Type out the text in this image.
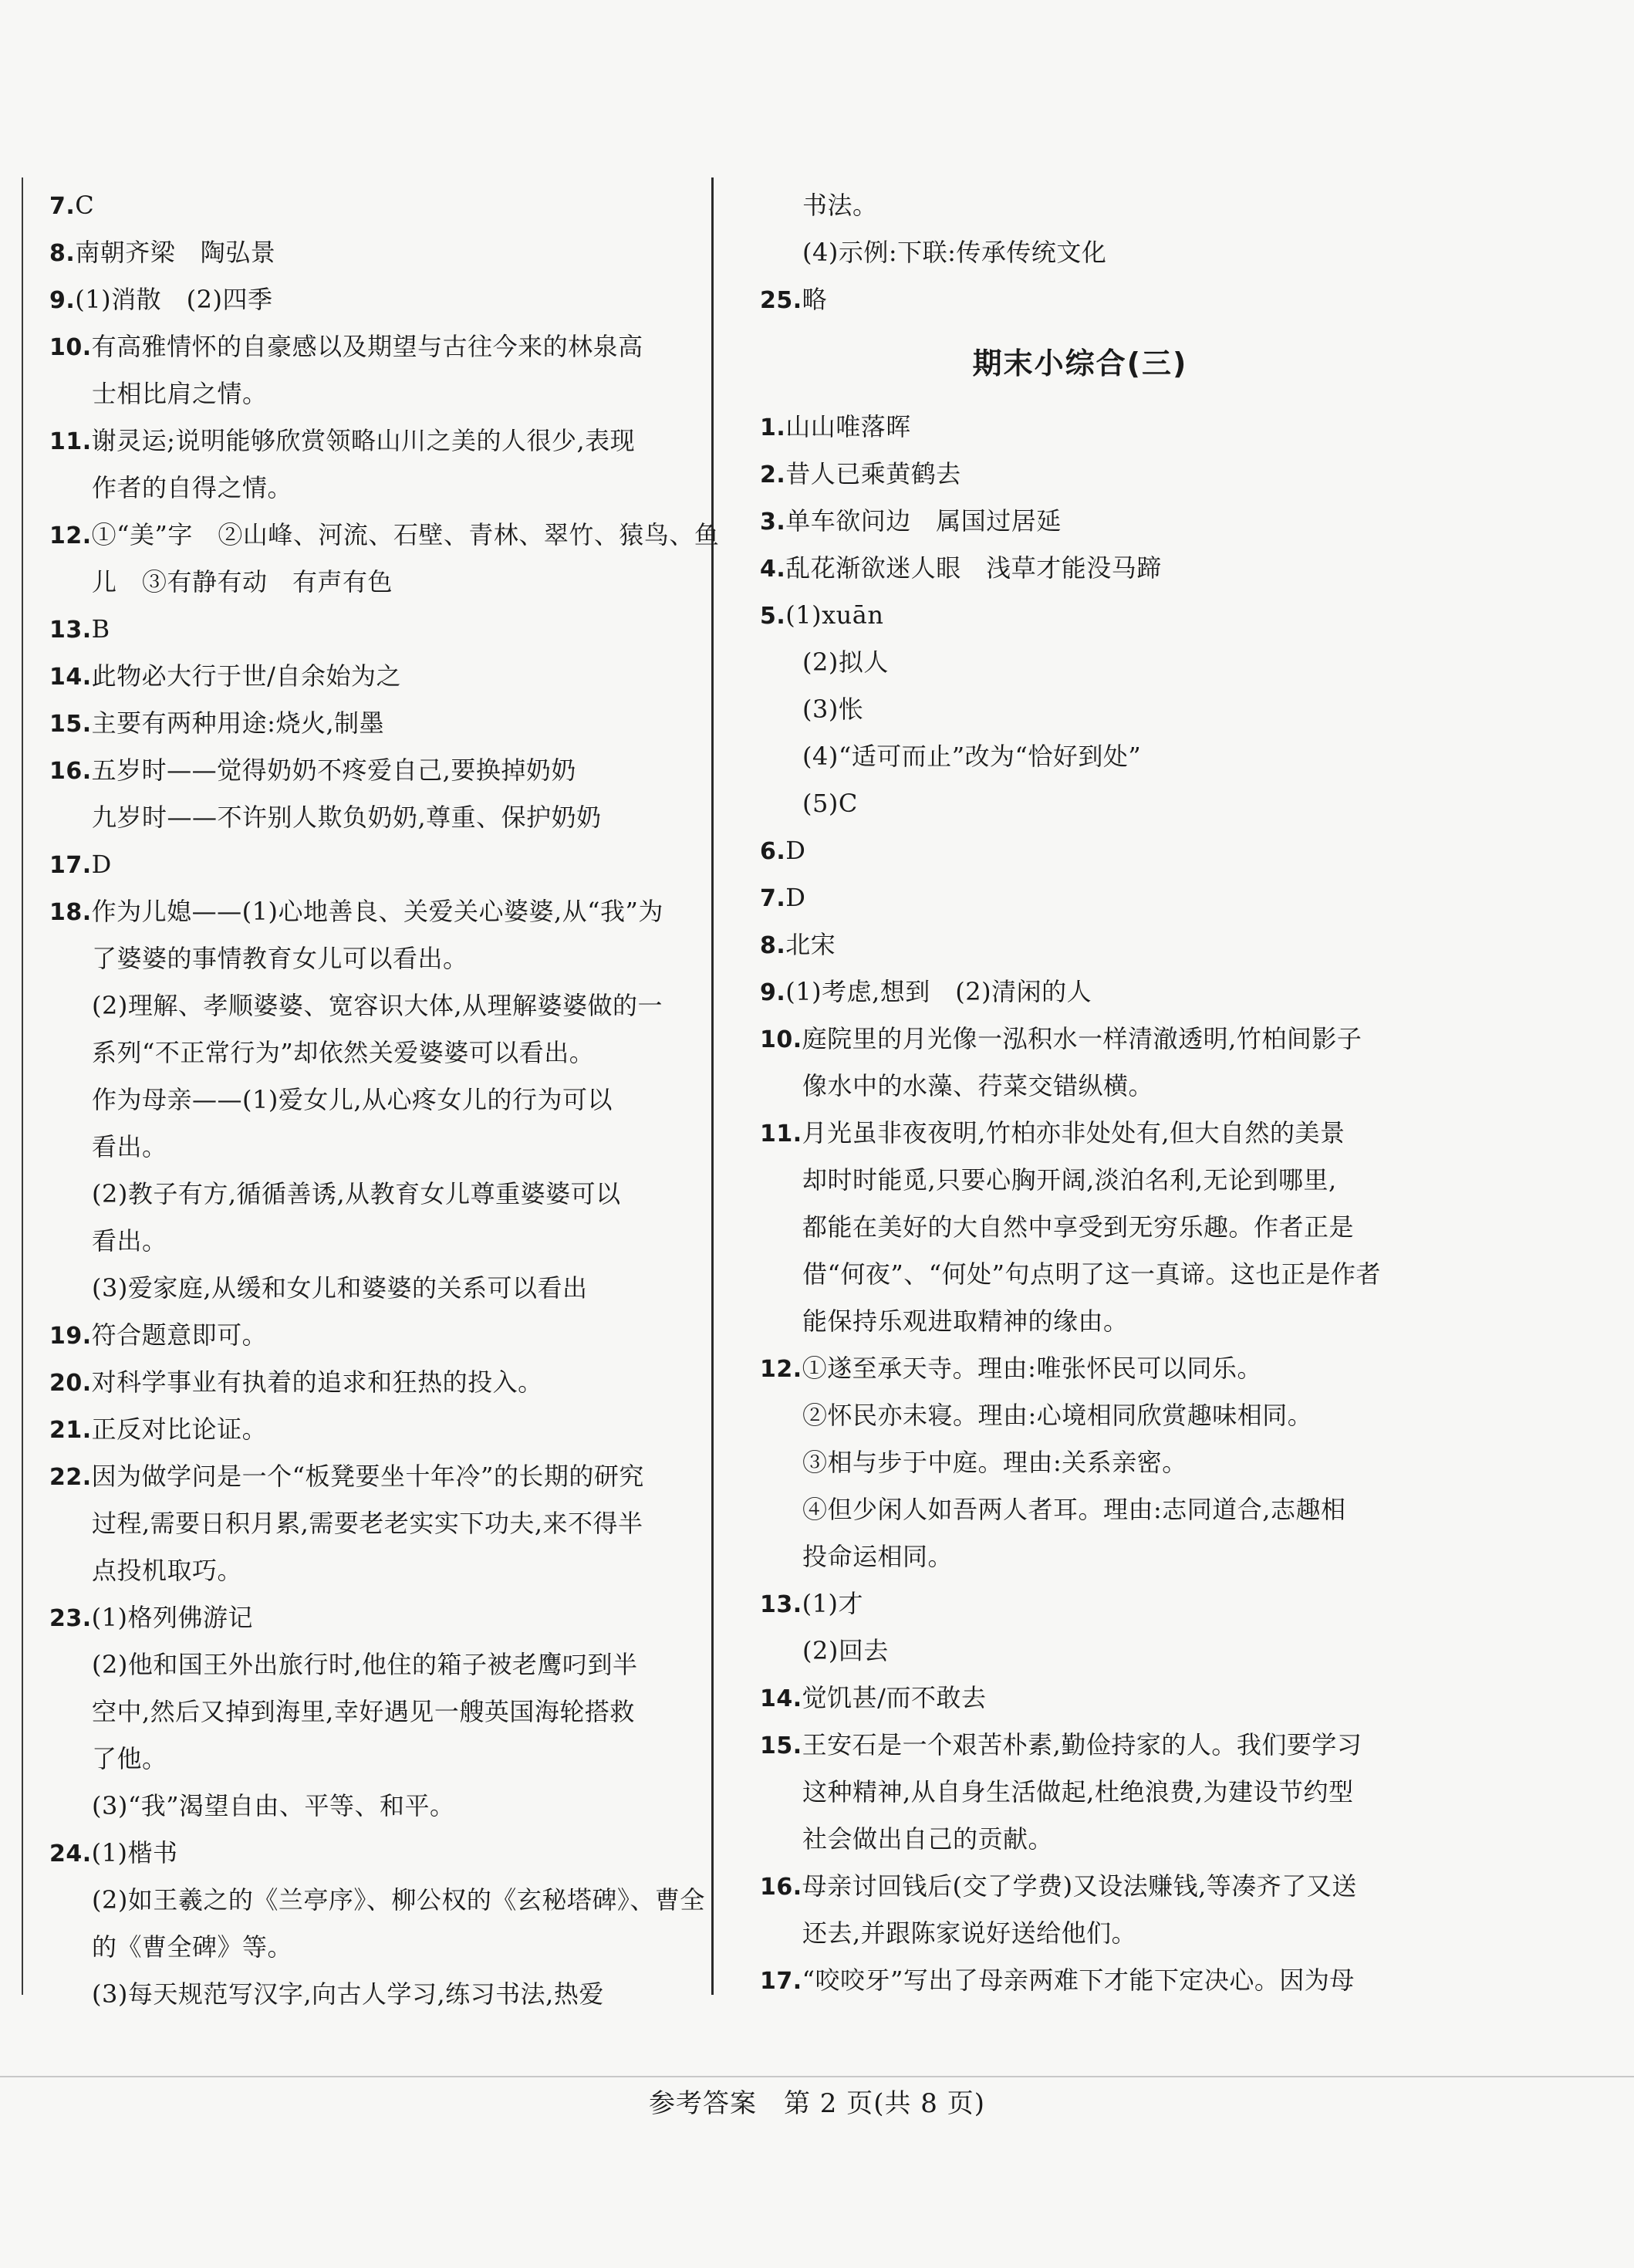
7.C
8.南朝齐梁　陶弘景
9.(1)消散　(2)四季
10.有高雅情怀的自豪感以及期望与古往今来的林泉高
士相比肩之情。
11.谢灵运;说明能够欣赏领略山川之美的人很少,表现
作者的自得之情。
12.①“美”字　②山峰、河流、石壁、青林、翠竹、猿鸟、鱼
儿　③有静有动　有声有色
13.B
14.此物必大行于世/自余始为之
15.主要有两种用途:烧火,制墨
16.五岁时——觉得奶奶不疼爱自己,要换掉奶奶
九岁时——不许别人欺负奶奶,尊重、保护奶奶
17.D
18.作为儿媳——(1)心地善良、关爱关心婆婆,从“我”为
了婆婆的事情教育女儿可以看出。
(2)理解、孝顺婆婆、宽容识大体,从理解婆婆做的一
系列“不正常行为”却依然关爱婆婆可以看出。
作为母亲——(1)爱女儿,从心疼女儿的行为可以
看出。
(2)教子有方,循循善诱,从教育女儿尊重婆婆可以
看出。
(3)爱家庭,从缓和女儿和婆婆的关系可以看出
19.符合题意即可。
20.对科学事业有执着的追求和狂热的投入。
21.正反对比论证。
22.因为做学问是一个“板凳要坐十年冷”的长期的研究
过程,需要日积月累,需要老老实实下功夫,来不得半
点投机取巧。
23.(1)格列佛游记
(2)他和国王外出旅行时,他住的箱子被老鹰叼到半
空中,然后又掉到海里,幸好遇见一艘英国海轮搭救
了他。
(3)“我”渴望自由、平等、和平。
24.(1)楷书
(2)如王羲之的《兰亭序》、柳公权的《玄秘塔碑》、曹全
的《曹全碑》等。
(3)每天规范写汉字,向古人学习,练习书法,热爱
书法。
(4)示例:下联:传承传统文化
25.略
期末小综合(三)
1.山山唯落晖
2.昔人已乘黄鹤去
3.单车欲问边　属国过居延
4.乱花渐欲迷人眼　浅草才能没马蹄
5.(1)xuān
(2)拟人
(3)怅
(4)“适可而止”改为“恰好到处”
(5)C
6.D
7.D
8.北宋
9.(1)考虑,想到　(2)清闲的人
10.庭院里的月光像一泓积水一样清澈透明,竹柏间影子
像水中的水藻、荇菜交错纵横。
11.月光虽非夜夜明,竹柏亦非处处有,但大自然的美景
却时时能觅,只要心胸开阔,淡泊名利,无论到哪里,
都能在美好的大自然中享受到无穷乐趣。作者正是
借“何夜”、“何处”句点明了这一真谛。这也正是作者
能保持乐观进取精神的缘由。
12.①遂至承天寺。理由:唯张怀民可以同乐。
②怀民亦未寝。理由:心境相同欣赏趣味相同。
③相与步于中庭。理由:关系亲密。
④但少闲人如吾两人者耳。理由:志同道合,志趣相
投命运相同。
13.(1)才
(2)回去
14.觉饥甚/而不敢去
15.王安石是一个艰苦朴素,勤俭持家的人。我们要学习
这种精神,从自身生活做起,杜绝浪费,为建设节约型
社会做出自己的贡献。
16.母亲讨回钱后(交了学费)又设法赚钱,等凑齐了又送
还去,并跟陈家说好送给他们。
17.“咬咬牙”写出了母亲两难下才能下定决心。因为母
参考答案　第 2 页(共 8 页)
